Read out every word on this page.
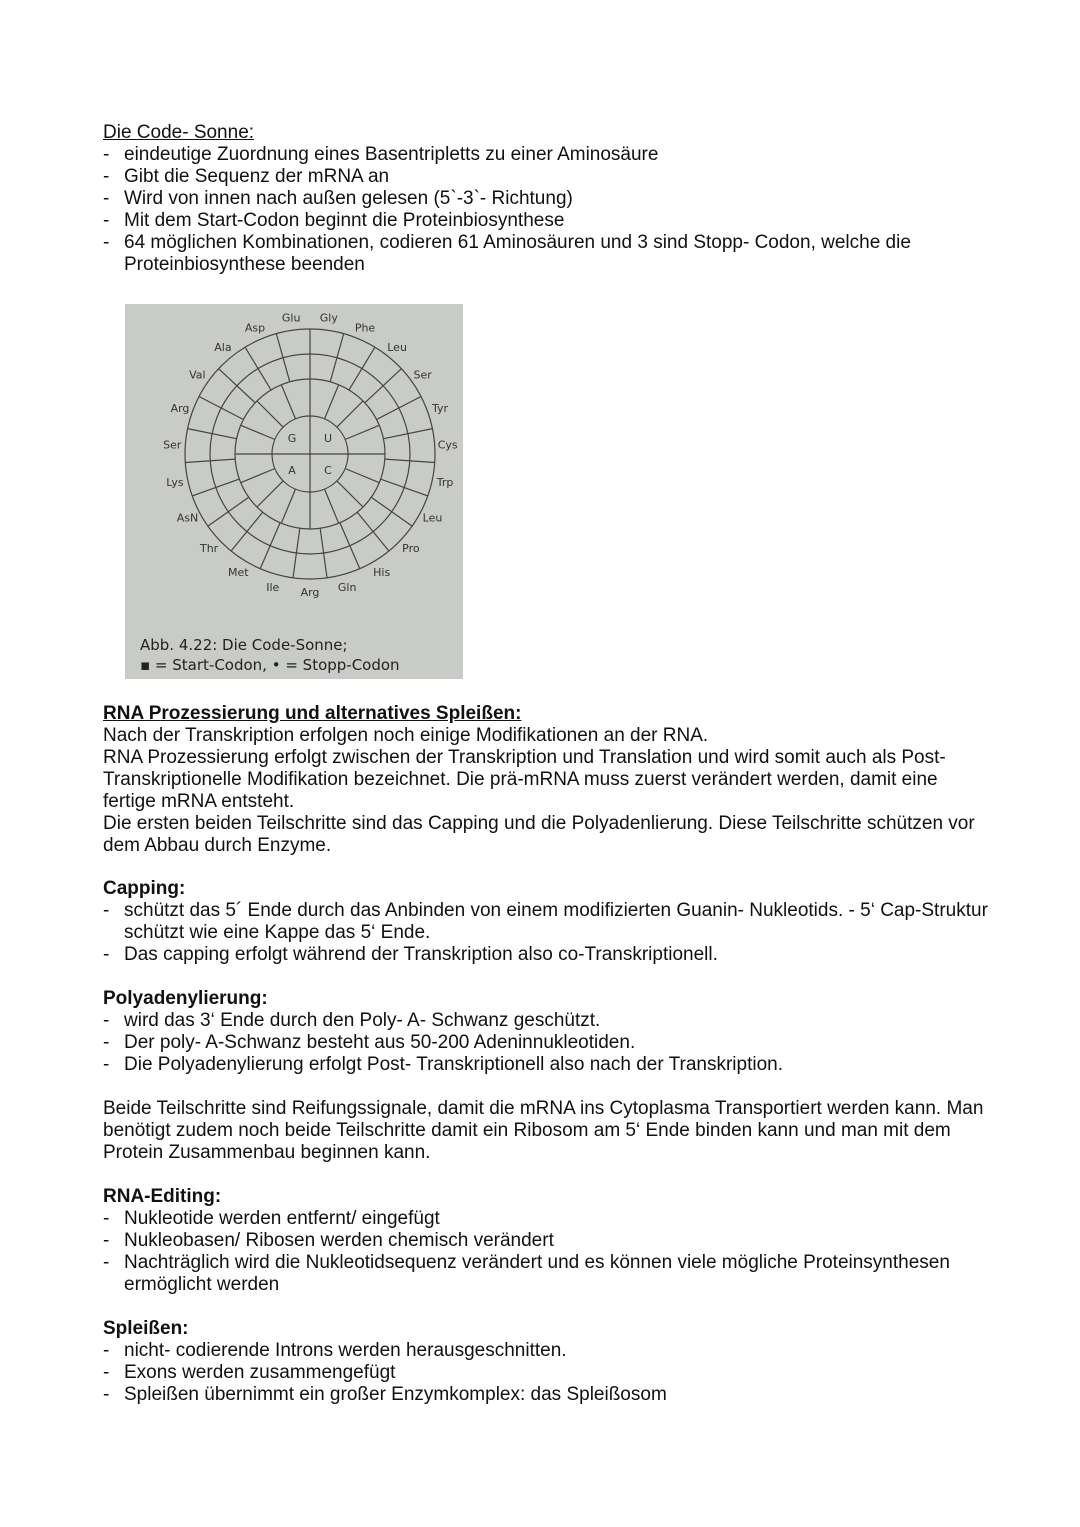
Die Code- Sonne:

- eindeutige Zuordnung eines Basentripletts zu einer Aminosäure
- Gibt die Sequenz der mRNA an
- Wird von innen nach außen gelesen (5`-3`- Richtung)
- Mit dem Start-Codon beginnt die Proteinbiosynthese
- 64 möglichen Kombinationen, codieren 61 Aminosäuren und 3 sind Stopp- Codon, welche die Proteinbiosynthese beenden
Gly
Phe
Leu
Ser
Tyr
Cys
Trp
Leu
Pro
His
Gln
Arg
Ile
Met
Thr
AsN
Lys
Ser
Arg
Val
Ala
Asp
Glu
G	U
A	C
Abb. 4.22: Die Code-Sonne;
▪ = Start-Codon, • = Stopp-Codon

RNA Prozessierung und alternatives Spleißen:

Nach der Transkription erfolgen noch einige Modifikationen an der RNA.

RNA Prozessierung erfolgt zwischen der Transkription und Translation und wird somit auch als Post-Transkriptionelle Modifikation bezeichnet. Die prä-mRNA muss zuerst verändert werden, damit eine fertige mRNA entsteht.

Die ersten beiden Teilschritte sind das Capping und die Polyadenlierung. Diese Teilschritte schützen vor dem Abbau durch Enzyme.

Capping:

- schützt das 5´ Ende durch das Anbinden von einem modifizierten Guanin- Nukleotids. - 5‘ Cap-Struktur schützt wie eine Kappe das 5‘ Ende.
- Das capping erfolgt während der Transkription also co-Transkriptionell.

Polyadenylierung:

- wird das 3‘ Ende durch den Poly- A- Schwanz geschützt.
- Der poly- A-Schwanz besteht aus 50-200 Adeninnukleotiden.
- Die Polyadenylierung erfolgt Post- Transkriptionell also nach der Transkription.

Beide Teilschritte sind Reifungssignale, damit die mRNA ins Cytoplasma Transportiert werden kann. Man benötigt zudem noch beide Teilschritte damit ein Ribosom am 5‘ Ende binden kann und man mit dem Protein Zusammenbau beginnen kann.

RNA-Editing:

- Nukleotide werden entfernt/ eingefügt
- Nukleobasen/ Ribosen werden chemisch verändert
- Nachträglich wird die Nukleotidsequenz verändert und es können viele mögliche Proteinsynthesen ermöglicht werden

Spleißen:

- nicht- codierende Introns werden herausgeschnitten.
- Exons werden zusammengefügt
- Spleißen übernimmt ein großer Enzymkomplex: das Spleißosom
